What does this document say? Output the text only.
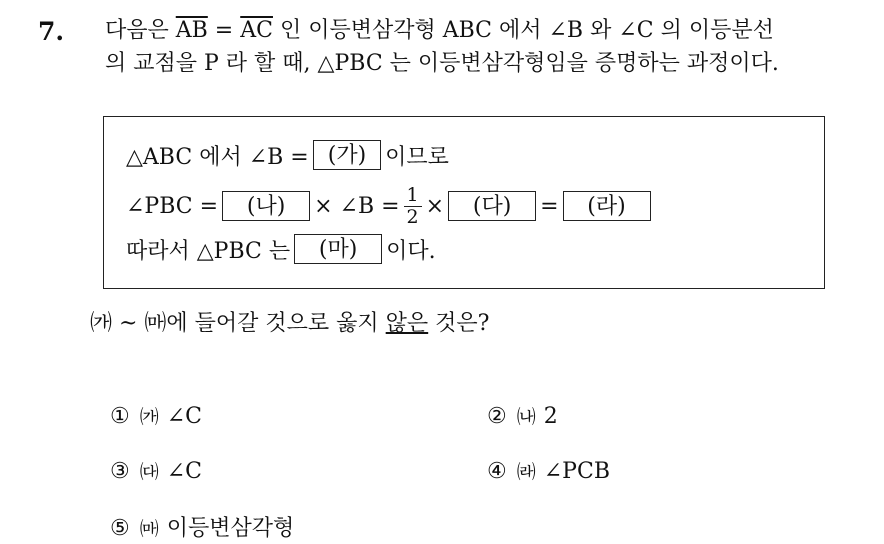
7. 다음은 $\overline{AB} = \overline{AC}$ 인 이등변삼각형 ABC 에서 ∠B 와 ∠C 의 이등분선
의 교점을 P 라 할 때, △PBC 는 이등변삼각형임을 증명하는 과정이다.
△ABC 에서 ∠B = (가) 이므로
∠PBC =	(나)	× ∠B = $\frac{1}{2}$ ×	(다)	=	(라)
따라서 △PBC 는	(마)	이다.
㈎ ~ ㈒에 들어갈 것으로 옳지 않은 것은?
① ㈎ ∠C	② ㈏ 2
③ ㈐ ∠C	④ ㈑ ∠PCB
⑤ ㈒ 이등변삼각형
